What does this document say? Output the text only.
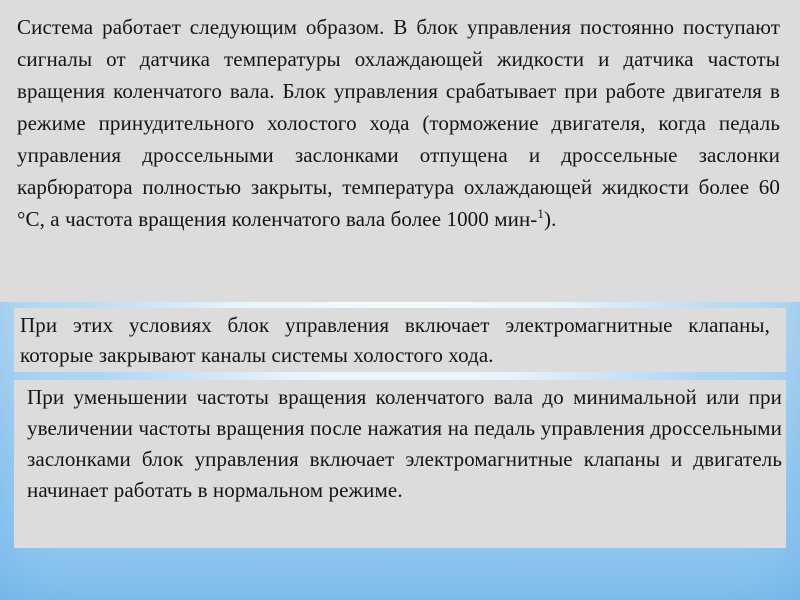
Система работает следующим образом. В блок управления постоянно поступают сигналы от датчика температуры охлаждающей жидкости и датчика частоты вращения коленчатого вала. Блок управления срабатывает при работе двигателя в режиме принудительного холостого хода (торможение двигателя, когда педаль управления дроссельными заслонками отпущена и дроссельные заслонки карбюратора полностью закрыты, температура охлаждающей жидкости более 60 °С, а частота вращения коленчатого вала более 1000 мин-$^1$).

При этих условиях блок управления включает электромагнитные клапаны, которые закрывают каналы системы холостого хода.

При уменьшении частоты вращения коленчатого вала до минимальной или при увеличении частоты вращения после нажатия на педаль управления дроссельными заслонками блок управления включает электромагнитные клапаны и двигатель начинает работать в нормальном режиме.
